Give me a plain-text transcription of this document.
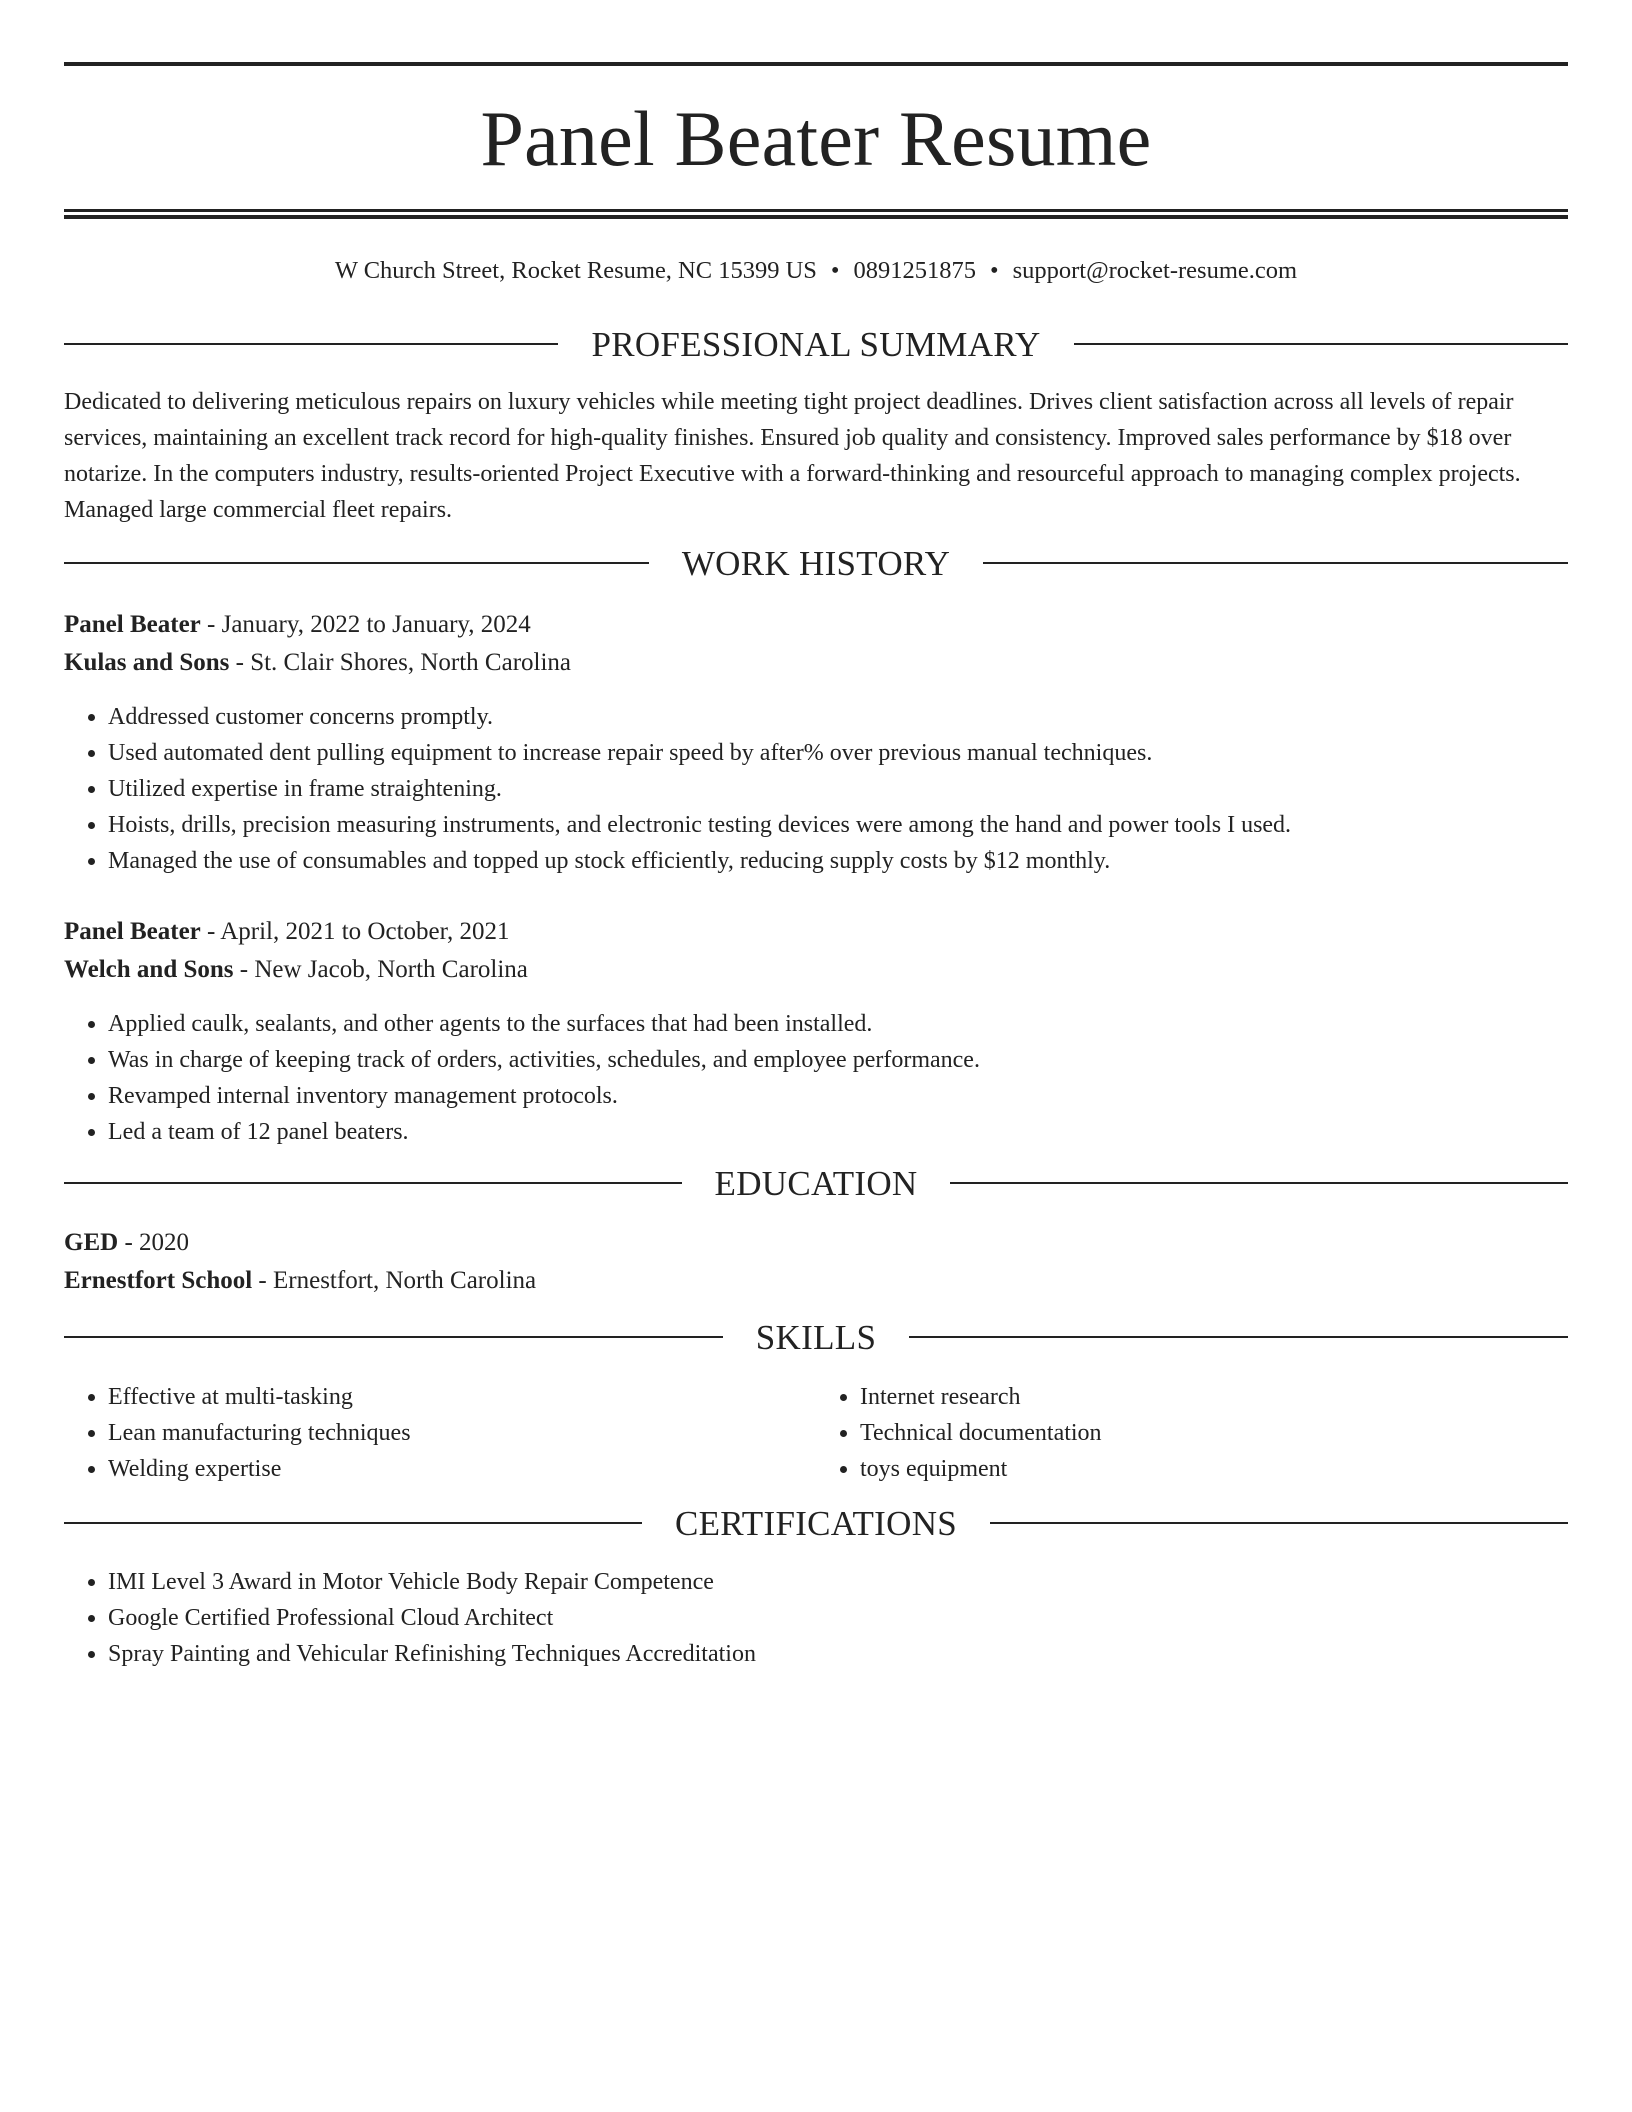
Panel Beater Resume
W Church Street, Rocket Resume, NC 15399 US • 0891251875 • support@rocket-resume.com
PROFESSIONAL SUMMARY

Dedicated to delivering meticulous repairs on luxury vehicles while meeting tight project deadlines. Drives client satisfaction across all levels of repair services, maintaining an excellent track record for high-quality finishes. Ensured job quality and consistency. Improved sales performance by $18 over notarize. In the computers industry, results-oriented Project Executive with a forward-thinking and resourceful approach to managing complex projects. Managed large commercial fleet repairs.

WORK HISTORY
Panel Beater - January, 2022 to January, 2024
Kulas and Sons - St. Clair Shores, North Carolina
• Addressed customer concerns promptly.
• Used automated dent pulling equipment to increase repair speed by after% over previous manual techniques.
• Utilized expertise in frame straightening.
• Hoists, drills, precision measuring instruments, and electronic testing devices were among the hand and power tools I used.
• Managed the use of consumables and topped up stock efficiently, reducing supply costs by $12 monthly.
Panel Beater - April, 2021 to October, 2021
Welch and Sons - New Jacob, North Carolina
• Applied caulk, sealants, and other agents to the surfaces that had been installed.
• Was in charge of keeping track of orders, activities, schedules, and employee performance.
• Revamped internal inventory management protocols.
• Led a team of 12 panel beaters.
EDUCATION
GED - 2020
Ernestfort School - Ernestfort, North Carolina
SKILLS
• Effective at multi-tasking
• Lean manufacturing techniques
• Welding expertise
• Internet research
• Technical documentation
• toys equipment
CERTIFICATIONS
• IMI Level 3 Award in Motor Vehicle Body Repair Competence
• Google Certified Professional Cloud Architect
• Spray Painting and Vehicular Refinishing Techniques Accreditation
